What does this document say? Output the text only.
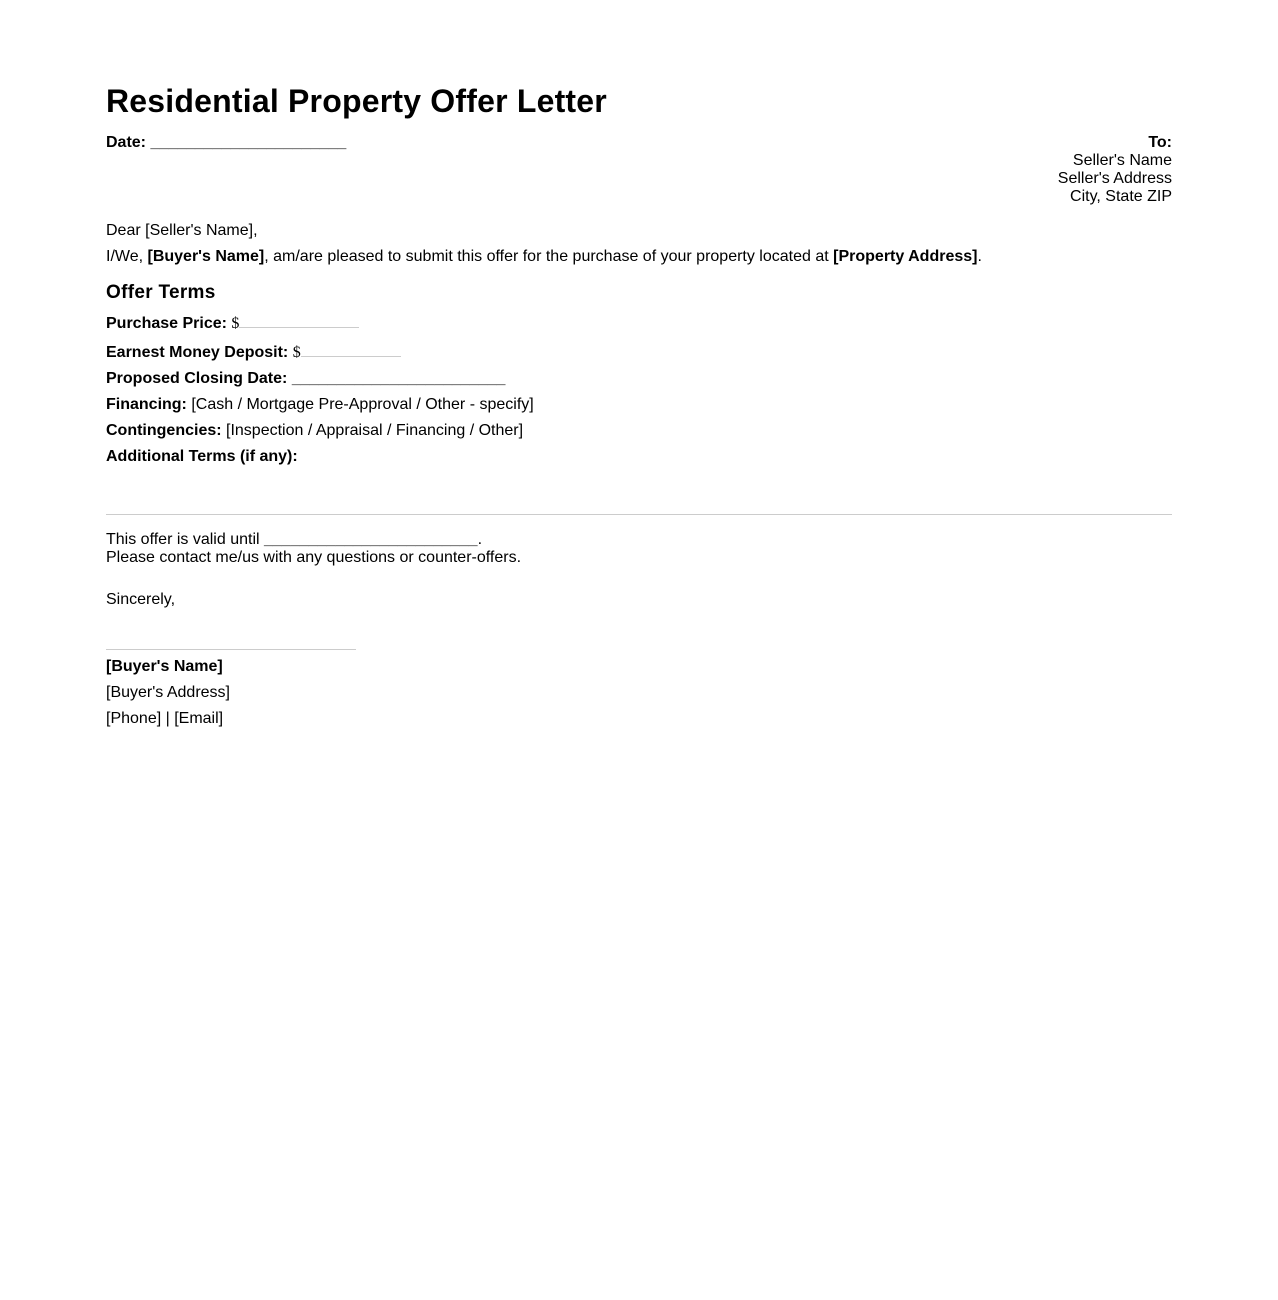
Residential Property Offer Letter
Date: ______________________	To:
Seller's Name
Seller's Address
City, State ZIP
Dear [Seller's Name],
I/We, [Buyer's Name], am/are pleased to submit this offer for the purchase of your property located at [Property Address].
Offer Terms
Purchase Price: $
Earnest Money Deposit: $
Proposed Closing Date: ________________________
Financing: [Cash / Mortgage Pre-Approval / Other - specify]
Contingencies: [Inspection / Appraisal / Financing / Other]
Additional Terms (if any):
This offer is valid until ________________________.
Please contact me/us with any questions or counter-offers.
Sincerely,
[Buyer's Name]
[Buyer's Address]
[Phone] | [Email]
